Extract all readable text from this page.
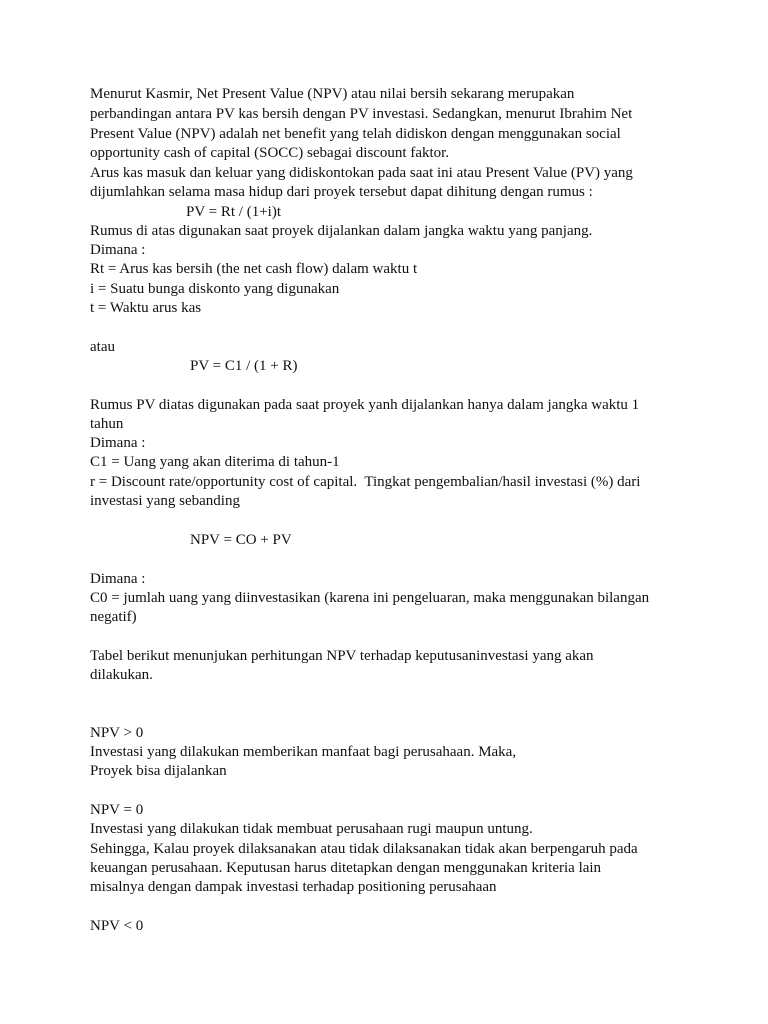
Menurut Kasmir, Net Present Value (NPV) atau nilai bersih sekarang merupakan
perbandingan antara PV kas bersih dengan PV investasi. Sedangkan, menurut Ibrahim Net
Present Value (NPV) adalah net benefit yang telah didiskon dengan menggunakan social
opportunity cash of capital (SOCC) sebagai discount faktor.
Arus kas masuk dan keluar yang didiskontokan pada saat ini atau Present Value (PV) yang
dijumlahkan selama masa hidup dari proyek tersebut dapat dihitung dengan rumus :
PV = Rt / (1+i)t
Rumus di atas digunakan saat proyek dijalankan dalam jangka waktu yang panjang.
Dimana :
Rt = Arus kas bersih (the net cash flow) dalam waktu t
i = Suatu bunga diskonto yang digunakan
t = Waktu arus kas
atau
PV = C1 / (1 + R)
Rumus PV diatas digunakan pada saat proyek yanh dijalankan hanya dalam jangka waktu 1
tahun
Dimana :
C1 = Uang yang akan diterima di tahun-1
r = Discount rate/opportunity cost of capital.  Tingkat pengembalian/hasil investasi (%) dari
investasi yang sebanding
NPV = CO + PV
Dimana :
C0 = jumlah uang yang diinvestasikan (karena ini pengeluaran, maka menggunakan bilangan
negatif)
Tabel berikut menunjukan perhitungan NPV terhadap keputusaninvestasi yang akan
dilakukan.
NPV > 0
Investasi yang dilakukan memberikan manfaat bagi perusahaan. Maka,
Proyek bisa dijalankan
NPV = 0
Investasi yang dilakukan tidak membuat perusahaan rugi maupun untung.
Sehingga, Kalau proyek dilaksanakan atau tidak dilaksanakan tidak akan berpengaruh pada
keuangan perusahaan. Keputusan harus ditetapkan dengan menggunakan kriteria lain
misalnya dengan dampak investasi terhadap positioning perusahaan
NPV < 0
